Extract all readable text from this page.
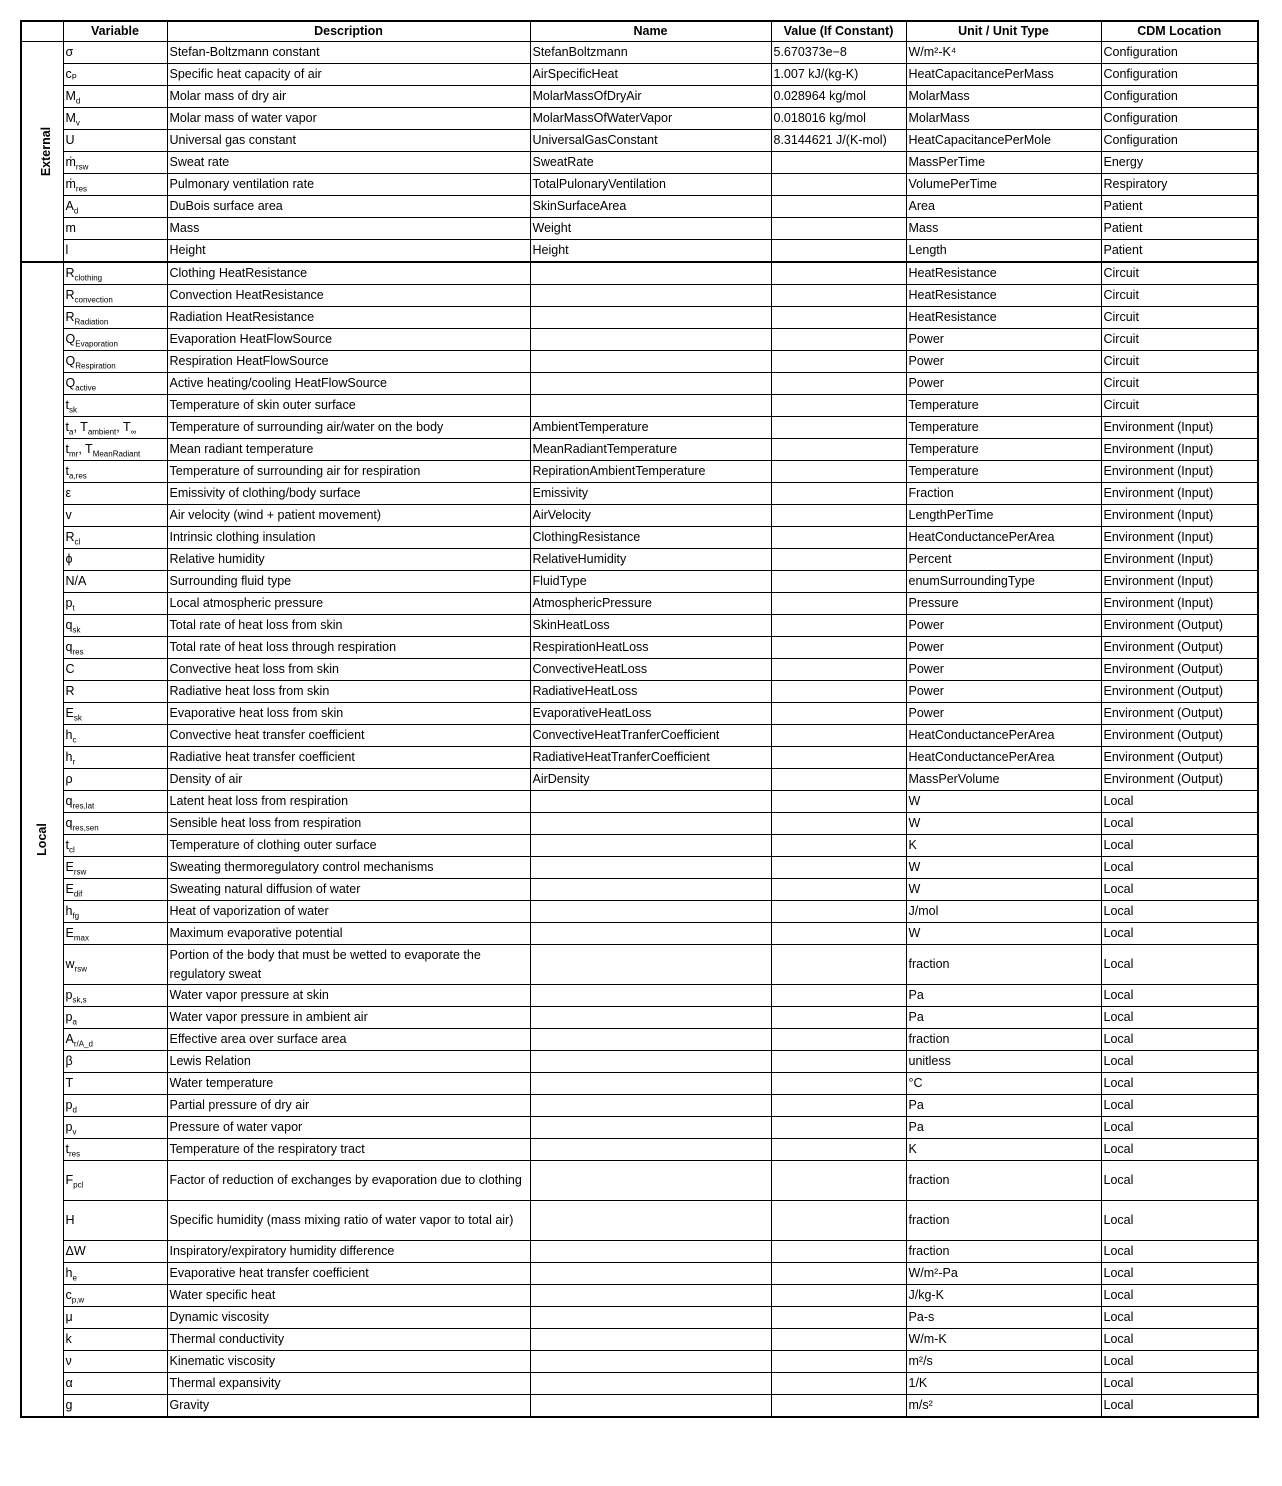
	Variable	Description	Name	Value (If Constant)	Unit / Unit Type	CDM Location
External	σ	Stefan-Boltzmann constant	StefanBoltzmann	5.670373e−8	W/m²-K⁴	Configuration
	cₚ	Specific heat capacity of air	AirSpecificHeat	1.007 kJ/(kg-K)	HeatCapacitancePerMass	Configuration
	$M_d$	Molar mass of dry air	MolarMassOfDryAir	0.028964 kg/mol	MolarMass	Configuration
	$M_v$	Molar mass of water vapor	MolarMassOfWaterVapor	0.018016 kg/mol	MolarMass	Configuration
	U	Universal gas constant	UniversalGasConstant	8.3144621 J/(K-mol)	HeatCapacitancePerMole	Configuration
	ṁ$_{rsw}$	Sweat rate	SweatRate		MassPerTime	Energy
	ṁ$_{res}$	Pulmonary ventilation rate	TotalPulonaryVentilation		VolumePerTime	Respiratory
	$A_d$	DuBois surface area	SkinSurfaceArea		Area	Patient
	m	Mass	Weight		Mass	Patient
	l	Height	Height		Length	Patient
Local	$R_{clothing}$	Clothing HeatResistance			HeatResistance	Circuit
	$R_{convection}$	Convection HeatResistance			HeatResistance	Circuit
	$R_{Radiation}$	Radiation HeatResistance			HeatResistance	Circuit
	$Q_{Evaporation}$	Evaporation HeatFlowSource			Power	Circuit
	$Q_{Respiration}$	Respiration HeatFlowSource			Power	Circuit
	$Q_{active}$	Active heating/cooling HeatFlowSource			Power	Circuit
	$t_{sk}$	Temperature of skin outer surface			Temperature	Circuit
	$t_a$, $T_{ambient}$, $T_\infty$	Temperature of surrounding air/water on the body	AmbientTemperature		Temperature	Environment (Input)
	$t_{mr}$, $T_{MeanRadiant}$	Mean radiant temperature	MeanRadiantTemperature		Temperature	Environment (Input)
	$t_{a,res}$	Temperature of surrounding air for respiration	RepirationAmbientTemperature		Temperature	Environment (Input)
	ε	Emissivity of clothing/body surface	Emissivity		Fraction	Environment (Input)
	v	Air velocity (wind + patient movement)	AirVelocity		LengthPerTime	Environment (Input)
	$R_{cl}$	Intrinsic clothing insulation	ClothingResistance		HeatConductancePerArea	Environment (Input)
	ϕ	Relative humidity	RelativeHumidity		Percent	Environment (Input)
	N/A	Surrounding fluid type	FluidType		enumSurroundingType	Environment (Input)
	$p_t$	Local atmospheric pressure	AtmosphericPressure		Pressure	Environment (Input)
	$q_{sk}$	Total rate of heat loss from skin	SkinHeatLoss		Power	Environment (Output)
	$q_{res}$	Total rate of heat loss through respiration	RespirationHeatLoss		Power	Environment (Output)
	C	Convective heat loss from skin	ConvectiveHeatLoss		Power	Environment (Output)
	R	Radiative heat loss from skin	RadiativeHeatLoss		Power	Environment (Output)
	$E_{sk}$	Evaporative heat loss from skin	EvaporativeHeatLoss		Power	Environment (Output)
	$h_c$	Convective heat transfer coefficient	ConvectiveHeatTranferCoefficient		HeatConductancePerArea	Environment (Output)
	$h_r$	Radiative heat transfer coefficient	RadiativeHeatTranferCoefficient		HeatConductancePerArea	Environment (Output)
	ρ	Density of air	AirDensity		MassPerVolume	Environment (Output)
	$q_{res,lat}$	Latent heat loss from respiration			W	Local
	$q_{res,sen}$	Sensible heat loss from respiration			W	Local
	$t_{cl}$	Temperature of clothing outer surface			K	Local
	$E_{rsw}$	Sweating thermoregulatory control mechanisms			W	Local
	$E_{dif}$	Sweating natural diffusion of water			W	Local
	$h_{fg}$	Heat of vaporization of water			J/mol	Local
	$E_{max}$	Maximum evaporative potential			W	Local
	$w_{rsw}$	Portion of the body that must be wetted to evaporate the regulatory sweat			fraction	Local
	$p_{sk,s}$	Water vapor pressure at skin			Pa	Local
	$p_a$	Water vapor pressure in ambient air			Pa	Local
	$A_{r/A\_d}$	Effective area over surface area			fraction	Local
	β	Lewis Relation			unitless	Local
	T	Water temperature			°C	Local
	$p_d$	Partial pressure of dry air			Pa	Local
	$p_v$	Pressure of water vapor			Pa	Local
	$t_{res}$	Temperature of the respiratory tract			K	Local
	$F_{pcl}$	Factor of reduction of exchanges by evaporation due to clothing			fraction	Local
	H	Specific humidity (mass mixing ratio of water vapor to total air)			fraction	Local
	ΔW	Inspiratory/expiratory humidity difference			fraction	Local
	$h_e$	Evaporative heat transfer coefficient			W/m²-Pa	Local
	$c_{p,w}$	Water specific heat			J/kg-K	Local
	μ	Dynamic viscosity			Pa-s	Local
	k	Thermal conductivity			W/m-K	Local
	ν	Kinematic viscosity			m²/s	Local
	α	Thermal expansivity			1/K	Local
	g	Gravity			m/s²	Local
